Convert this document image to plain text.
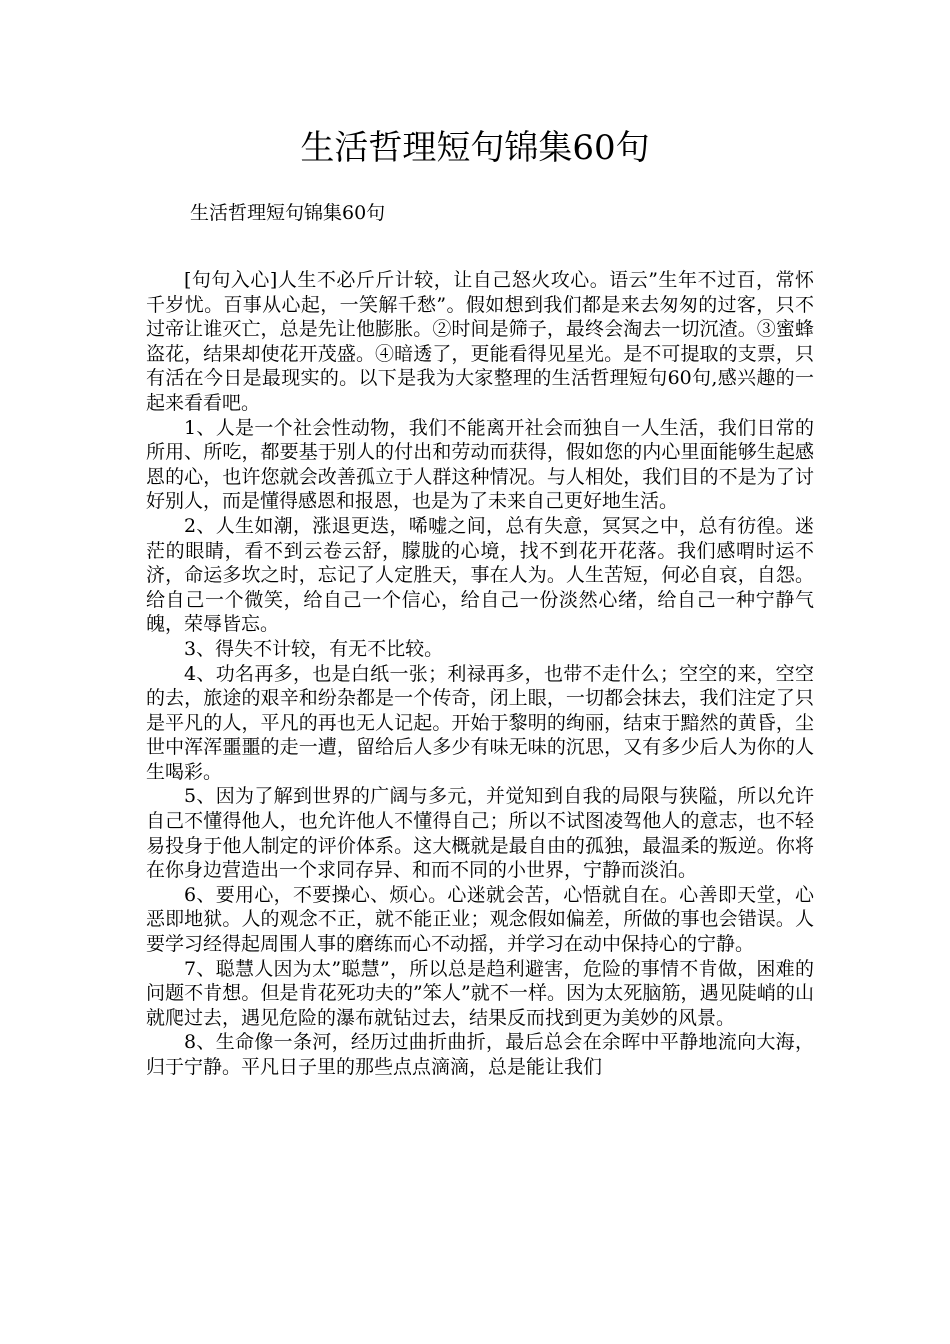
生活哲理短句锦集60句
生活哲理短句锦集60句

[句句入心]人生不必斤斤计较，让自己怒火攻心。语云”生年不过百，常怀千岁忧。百事从心起，一笑解千愁”。假如想到我们都是来去匆匆的过客，只不过帝让谁灭亡，总是先让他膨胀。②时间是筛子，最终会淘去一切沉渣。③蜜蜂盗花，结果却使花开茂盛。④暗透了，更能看得见星光。是不可提取的支票，只有活在今日是最现实的。以下是我为大家整理的生活哲理短句60句,感兴趣的一起来看看吧。

1、人是一个社会性动物，我们不能离开社会而独自一人生活，我们日常的所用、所吃，都要基于别人的付出和劳动而获得，假如您的内心里面能够生起感恩的心，也许您就会改善孤立于人群这种情况。与人相处，我们目的不是为了讨好别人，而是懂得感恩和报恩，也是为了未来自己更好地生活。

2、人生如潮，涨退更迭，唏嘘之间，总有失意，冥冥之中，总有彷徨。迷茫的眼睛，看不到云卷云舒，朦胧的心境，找不到花开花落。我们感喟时运不济，命运多坎之时，忘记了人定胜天，事在人为。人生苦短，何必自哀，自怨。给自己一个微笑，给自己一个信心，给自己一份淡然心绪，给自己一种宁静气魄，荣辱皆忘。

3、得失不计较，有无不比较。

4、功名再多，也是白纸一张；利禄再多，也带不走什么；空空的来，空空的去，旅途的艰辛和纷杂都是一个传奇，闭上眼，一切都会抹去，我们注定了只是平凡的人，平凡的再也无人记起。开始于黎明的绚丽，结束于黯然的黄昏，尘世中浑浑噩噩的走一遭，留给后人多少有味无味的沉思，又有多少后人为你的人生喝彩。

5、因为了解到世界的广阔与多元，并觉知到自我的局限与狭隘，所以允许自己不懂得他人，也允许他人不懂得自己；所以不试图凌驾他人的意志，也不轻易投身于他人制定的评价体系。这大概就是最自由的孤独，最温柔的叛逆。你将在你身边营造出一个求同存异、和而不同的小世界，宁静而淡泊。

6、要用心，不要操心、烦心。心迷就会苦，心悟就自在。心善即天堂，心恶即地狱。人的观念不正，就不能正业；观念假如偏差，所做的事也会错误。人要学习经得起周围人事的磨练而心不动摇，并学习在动中保持心的宁静。

7、聪慧人因为太”聪慧”，所以总是趋利避害，危险的事情不肯做，困难的问题不肯想。但是肯花死功夫的”笨人”就不一样。因为太死脑筋，遇见陡峭的山就爬过去，遇见危险的瀑布就钻过去，结果反而找到更为美妙的风景。

8、生命像一条河，经历过曲折曲折，最后总会在余晖中平静地流向大海，归于宁静。平凡日子里的那些点点滴滴，总是能让我们
